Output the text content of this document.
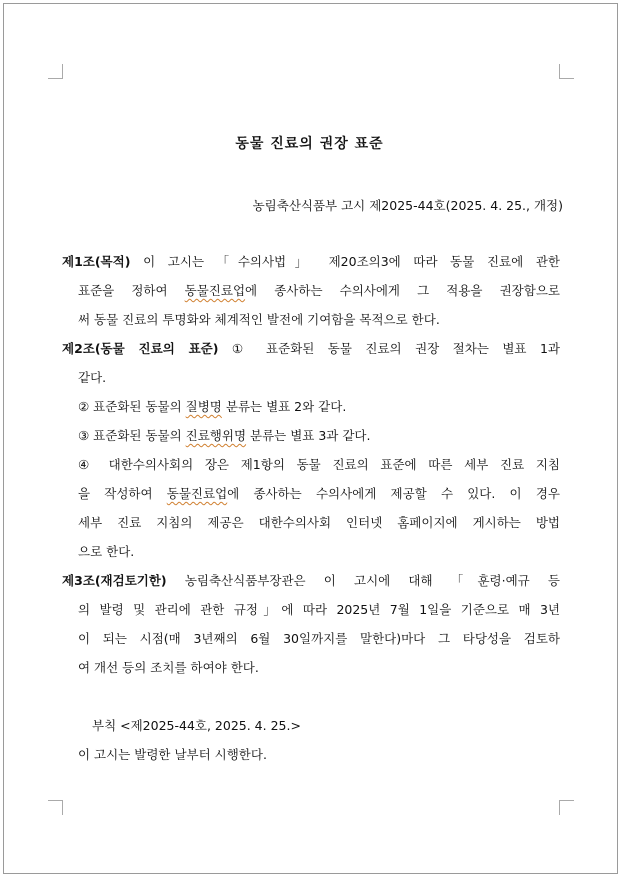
동물 진료의 권장 표준
농림축산식품부 고시 제2025-44호(2025. 4. 25., 개정)
제1조(목적) 이 고시는 「수의사법」 제20조의3에 따라 동물 진료에 관한
표준을 정하여 동물진료업에 종사하는 수의사에게 그 적용을 권장함으로
써 동물 진료의 투명화와 체계적인 발전에 기여함을 목적으로 한다.
제2조(동물 진료의 표준) ① 표준화된 동물 진료의 권장 절차는 별표 1과
같다.
② 표준화된 동물의 질병명 분류는 별표 2와 같다.
③ 표준화된 동물의 진료행위명 분류는 별표 3과 같다.
④ 대한수의사회의 장은 제1항의 동물 진료의 표준에 따른 세부 진료 지침
을 작성하여 동물진료업에 종사하는 수의사에게 제공할 수 있다. 이 경우
세부 진료 지침의 제공은 대한수의사회 인터넷 홈페이지에 게시하는 방법
으로 한다.
제3조(재검토기한) 농림축산식품부장관은 이 고시에 대해 「훈령·예규 등
의 발령 및 관리에 관한 규정」에 따라 2025년 7월 1일을 기준으로 매 3년
이 되는 시점(매 3년째의 6월 30일까지를 말한다)마다 그 타당성을 검토하
여 개선 등의 조치를 하여야 한다.
부칙 <제2025-44호, 2025. 4. 25.>
이 고시는 발령한 날부터 시행한다.
